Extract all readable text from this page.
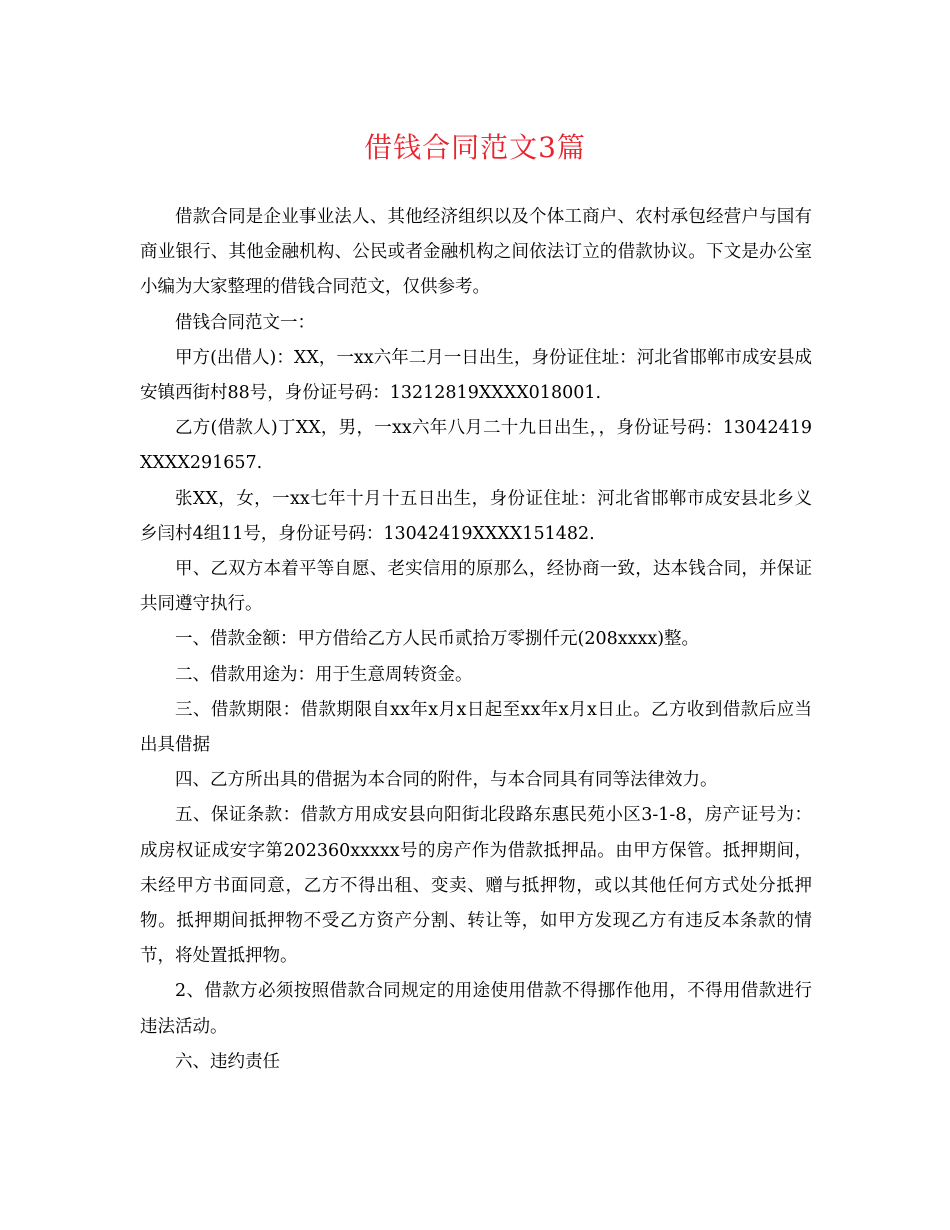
借钱合同范文3篇

借款合同是企业事业法人、其他经济组织以及个体工商户、农村承包经营户与国有商业银行、其他金融机构、公民或者金融机构之间依法订立的借款协议。下文是办公室小编为大家整理的借钱合同范文，仅供参考。

借钱合同范文一：

甲方(出借人)：XX，一xx六年二月一日出生，身份证住址：河北省邯郸市成安县成安镇西街村88号，身份证号码：13212819XXXX018001.

乙方(借款人)丁XX，男，一xx六年八月二十九日出生，，身份证号码：13042419XXXX291657.

张XX，女，一xx七年十月十五日出生，身份证住址：河北省邯郸市成安县北乡义乡闫村4组11号，身份证号码：13042419XXXX151482.

甲、乙双方本着平等自愿、老实信用的原那么，经协商一致，达本钱合同，并保证共同遵守执行。

一、借款金额：甲方借给乙方人民币贰拾万零捌仟元(208xxxx)整。

二、借款用途为：用于生意周转资金。

三、借款期限：借款期限自xx年x月x日起至xx年x月x日止。乙方收到借款后应当出具借据

四、乙方所出具的借据为本合同的附件，与本合同具有同等法律效力。

五、保证条款：借款方用成安县向阳街北段路东惠民苑小区3-1-8，房产证号为：成房权证成安字第202360xxxxx号的房产作为借款抵押品。由甲方保管。抵押期间，未经甲方书面同意，乙方不得出租、变卖、赠与抵押物，或以其他任何方式处分抵押物。抵押期间抵押物不受乙方资产分割、转让等，如甲方发现乙方有违反本条款的情节，将处置抵押物。

2、借款方必须按照借款合同规定的用途使用借款不得挪作他用，不得用借款进行违法活动。

六、违约责任
